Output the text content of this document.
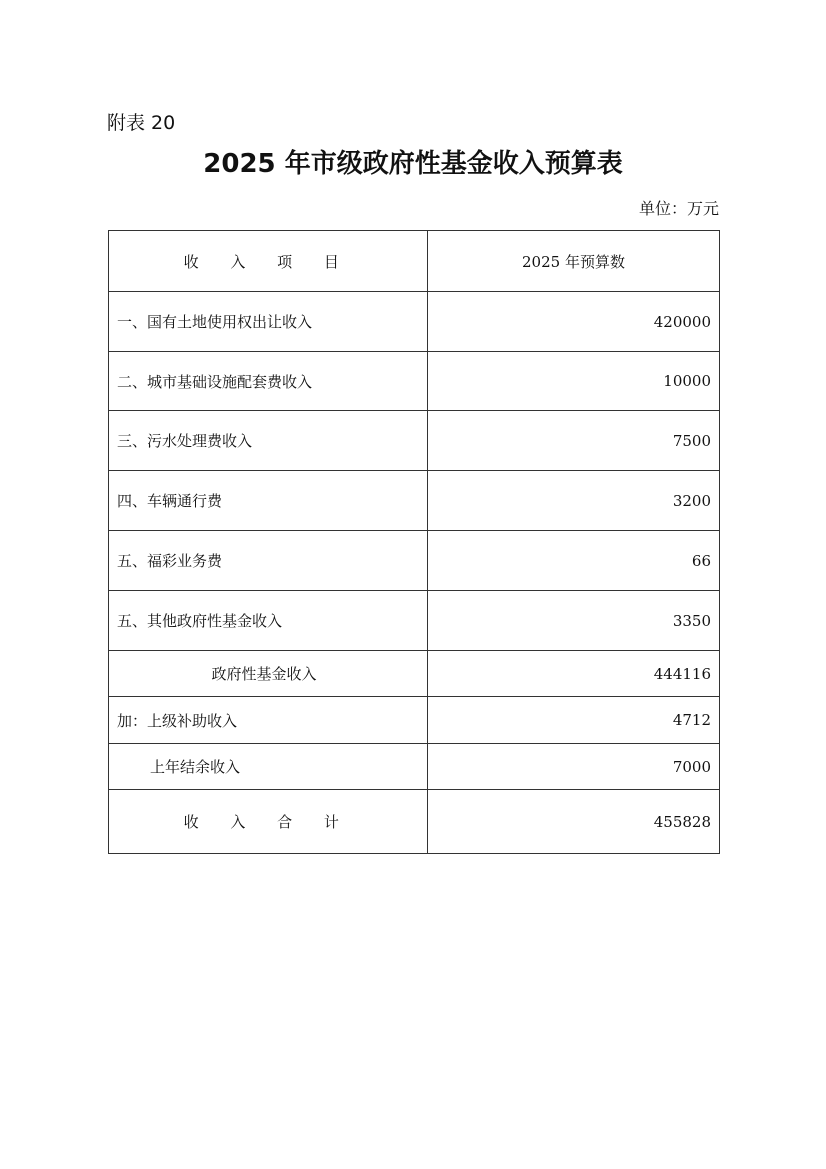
附表 20
2025 年市级政府性基金收入预算表
单位：万元
收 入 项 目	2025 年预算数
一、国有土地使用权出让收入	420000
二、城市基础设施配套费收入	10000
三、污水处理费收入	7500
四、车辆通行费	3200
五、福彩业务费	66
五、其他政府性基金收入	3350
政府性基金收入	444116
加：上级补助收入	4712
上年结余收入	7000
收 入 合 计	455828
